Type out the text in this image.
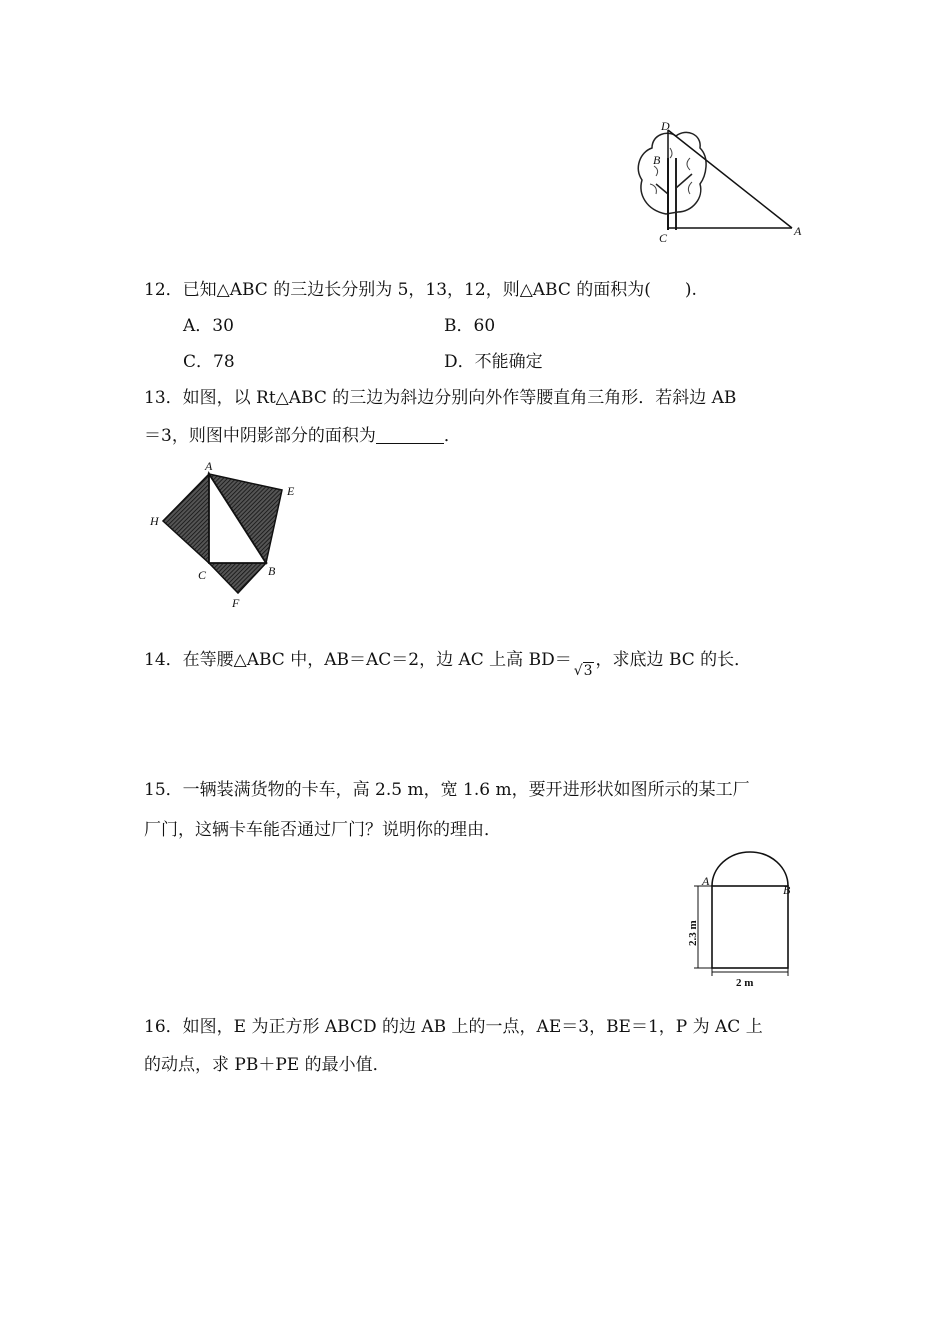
D
B
C	A
12．已知△ABC 的三边长分别为 5，13，12，则△ABC 的面积为( ).
A．30	B．60
C．78	D．不能确定
13．如图，以 Rt△ABC 的三边为斜边分别向外作等腰直角三角形．若斜边 AB
＝3，则图中阴影部分的面积为	．
A
E
H
C	B
F
14．在等腰△ABC 中，AB＝AC＝2，边 AC 上高 BD＝√3，求底边 BC 的长．
15．一辆装满货物的卡车，高 2.5 m，宽 1.6 m，要开进形状如图所示的某工厂
厂门，这辆卡车能否通过厂门？说明你的理由．
A
B
2.3 m
2 m
16．如图，E 为正方形 ABCD 的边 AB 上的一点，AE＝3，BE＝1，P 为 AC 上
的动点，求 PB＋PE 的最小值．
